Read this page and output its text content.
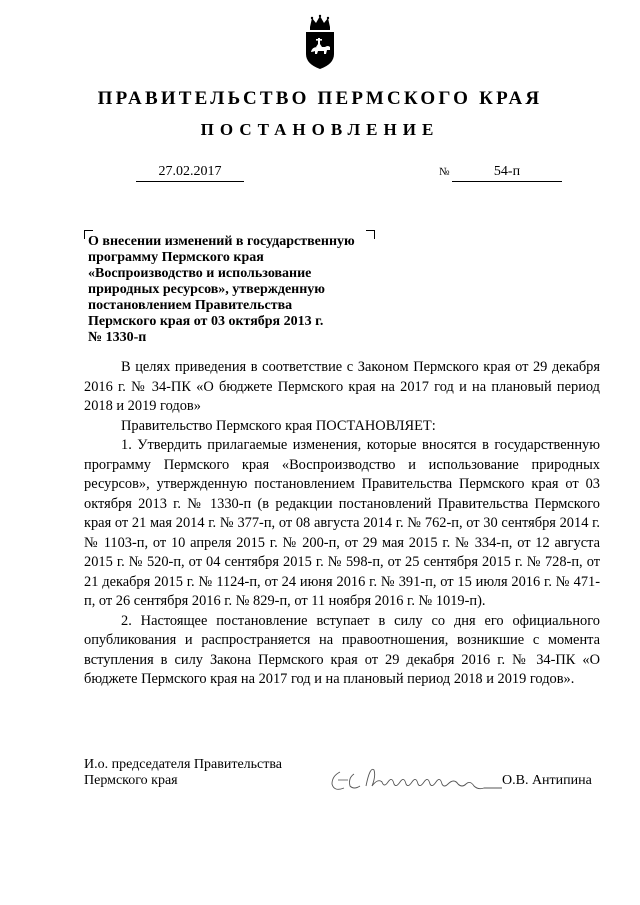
ПРАВИТЕЛЬСТВО ПЕРМСКОГО КРАЯ
ПОСТАНОВЛЕНИЕ
27.02.2017	№	54-п
О внесении изменений в государственную
программу Пермского края
«Воспроизводство и использование
природных ресурсов», утвержденную
постановлением Правительства
Пермского края от 03 октября 2013 г.
№ 1330-п

В целях приведения в соответствие с Законом Пермского края от 29 декабря 2016 г. № 34-ПК «О бюджете Пермского края на 2017 год и на плановый период 2018 и 2019 годов»

Правительство Пермского края ПОСТАНОВЛЯЕТ:

1. Утвердить прилагаемые изменения, которые вносятся в государственную программу Пермского края «Воспроизводство и использование природных ресурсов», утвержденную постановлением Правительства Пермского края от 03 октября 2013 г. № 1330-п (в редакции постановлений Правительства Пермского края от 21 мая 2014 г. № 377-п, от 08 августа 2014 г. № 762-п, от 30 сентября 2014 г. № 1103-п, от 10 апреля 2015 г. № 200-п, от 29 мая 2015 г. № 334-п, от 12 августа 2015 г. № 520-п, от 04 сентября 2015 г. № 598-п, от 25 сентября 2015 г. № 728-п, от 21 декабря 2015 г. № 1124-п, от 24 июня 2016 г. № 391-п, от 15 июля 2016 г. № 471-п, от 26 сентября 2016 г. № 829-п, от 11 ноября 2016 г. № 1019-п).

2. Настоящее постановление вступает в силу со дня его официального опубликования и распространяется на правоотношения, возникшие с момента вступления в силу Закона Пермского края от 29 декабря 2016 г. № 34-ПК «О бюджете Пермского края на 2017 год и на плановый период 2018 и 2019 годов».

И.о. председателя Правительства
Пермского края	О.В. Антипина
